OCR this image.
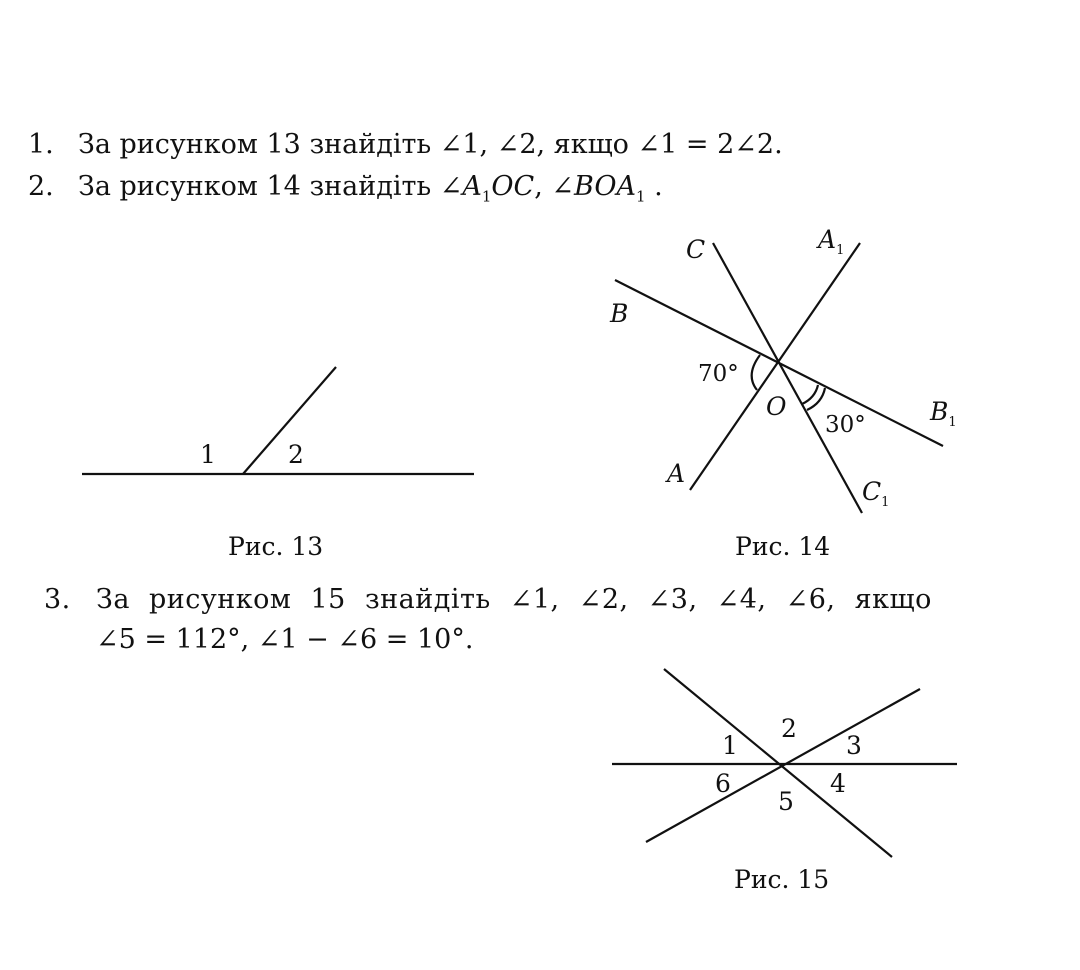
1. За рисунком 13 знайдіть ∠1, ∠2, якщо ∠1 = 2∠2.
2. За рисунком 14 знайдіть $\angle A_1OC$, $\angle BOA_1$ .
3. За рисунком 15 знайдіть ∠1, ∠2, ∠3, ∠4, ∠6, якщо
∠5 = 112°, ∠1 − ∠6 = 10°.
1	2
Рис. 13
C	$A_1$
B
O	$B_1$
A
$C_1$
70°
30°
Рис. 14
1
2
3
4
5
6
Рис. 15
